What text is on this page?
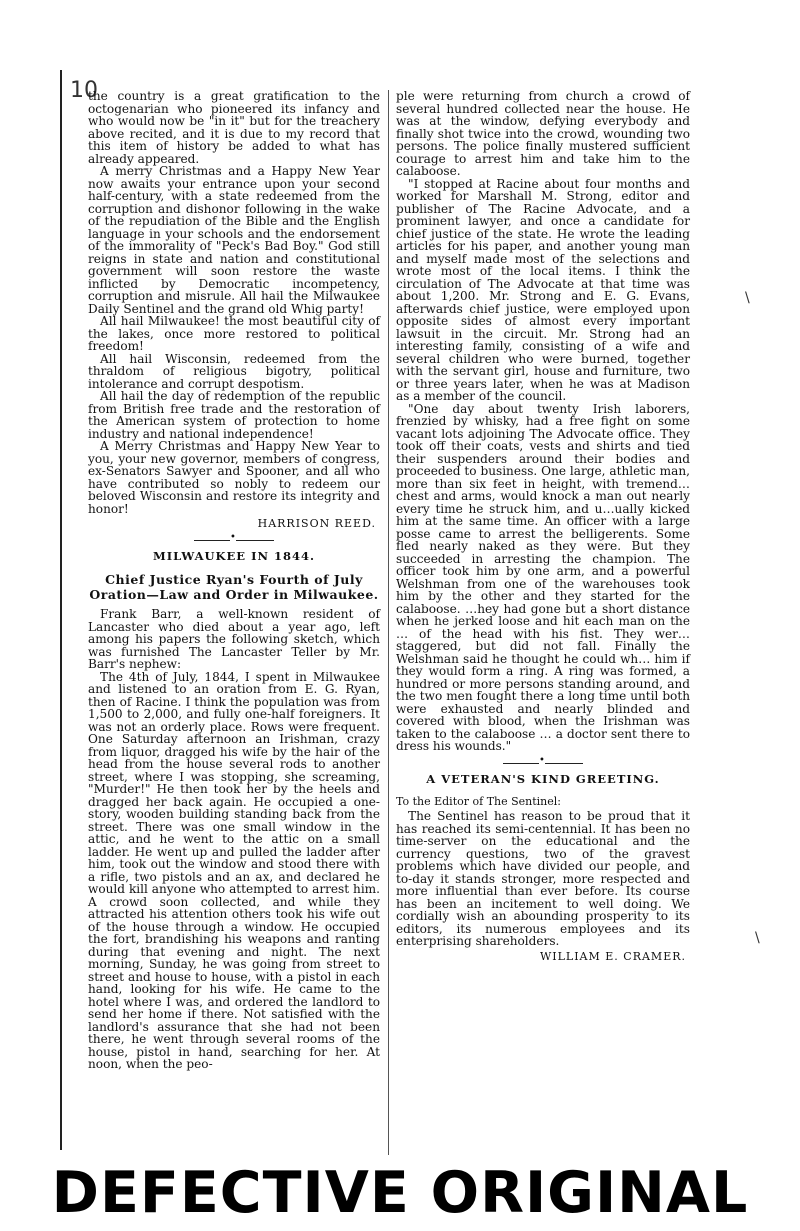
10
\
\

the country is a great gratification to the octogenarian who pioneered its infancy and who would now be "in it" but for the treachery above recited, and it is due to my record that this item of history be added to what has already appeared.

A merry Christmas and a Happy New Year now awaits your entrance upon your second half-century, with a state redeemed from the corruption and dishonor following in the wake of the repudiation of the Bible and the English language in your schools and the endorsement of the immorality of "Peck's Bad Boy." God still reigns in state and nation and constitutional government will soon restore the waste inflicted by Democratic incompetency, corruption and misrule. All hail the Milwaukee Daily Sentinel and the grand old Whig party!

All hail Milwaukee! the most beautiful city of the lakes, once more restored to political freedom!

All hail Wisconsin, redeemed from the thraldom of religious bigotry, political intolerance and corrupt despotism.

All hail the day of redemption of the republic from British free trade and the restoration of the American system of protection to home industry and national independence!

A Merry Christmas and Happy New Year to you, your new governor, members of congress, ex-Senators Sawyer and Spooner, and all who have contributed so nobly to redeem our beloved Wisconsin and restore its integrity and honor!

HARRISON REED.
•
MILWAUKEE IN 1844.
Chief Justice Ryan's Fourth of July Oration—Law and Order in Milwaukee.

Frank Barr, a well-known resident of Lancaster who died about a year ago, left among his papers the following sketch, which was furnished The Lancaster Teller by Mr. Barr's nephew:

The 4th of July, 1844, I spent in Milwaukee and listened to an oration from E. G. Ryan, then of Racine. I think the population was from 1,500 to 2,000, and fully one-half foreigners. It was not an orderly place. Rows were frequent. One Saturday afternoon an Irishman, crazy from liquor, dragged his wife by the hair of the head from the house several rods to another street, where I was stopping, she screaming, "Murder!" He then took her by the heels and dragged her back again. He occupied a one-story, wooden building standing back from the street. There was one small window in the attic, and he went to the attic on a small ladder. He went up and pulled the ladder after him, took out the window and stood there with a rifle, two pistols and an ax, and declared he would kill anyone who attempted to arrest him. A crowd soon collected, and while they attracted his attention others took his wife out of the house through a window. He occupied the fort, brandishing his weapons and ranting during that evening and night. The next morning, Sunday, he was going from street to street and house to house, with a pistol in each hand, looking for his wife. He came to the hotel where I was, and ordered the landlord to send her home if there. Not satisfied with the landlord's assurance that she had not been there, he went through several rooms of the house, pistol in hand, searching for her. At noon, when the peo-

ple were returning from church a crowd of several hundred collected near the house. He was at the window, defying everybody and finally shot twice into the crowd, wounding two persons. The police finally mustered sufficient courage to arrest him and take him to the calaboose.

"I stopped at Racine about four months and worked for Marshall M. Strong, editor and publisher of The Racine Advocate, and a prominent lawyer, and once a candidate for chief justice of the state. He wrote the leading articles for his paper, and another young man and myself made most of the selections and wrote most of the local items. I think the circulation of The Advocate at that time was about 1,200. Mr. Strong and E. G. Evans, afterwards chief justice, were employed upon opposite sides of almost every important lawsuit in the circuit. Mr. Strong had an interesting family, consisting of a wife and several children who were burned, together with the servant girl, house and furniture, two or three years later, when he was at Madison as a member of the council.

"One day about twenty Irish laborers, frenzied by whisky, had a free fight on some vacant lots adjoining The Advocate office. They took off their coats, vests and shirts and tied their suspenders around their bodies and proceeded to business. One large, athletic man, more than six feet in height, with tremend… chest and arms, would knock a man out nearly every time he struck him, and u…ually kicked him at the same time. An officer with a large posse came to arrest the belligerents. Some fled nearly naked as they were. But they succeeded in arresting the champion. The officer took him by one arm, and a powerful Welshman from one of the warehouses took him by the other and they started for the calaboose. …hey had gone but a short distance when he jerked loose and hit each man on the … of the head with his fist. They wer… staggered, but did not fall. Finally the Welshman said he thought he could wh… him if they would form a ring. A ring was formed, a hundred or more persons standing around, and the two men fought there a long time until both were exhausted and nearly blinded and covered with blood, when the Irishman was taken to the calaboose … a doctor sent there to dress his wounds."

•
A VETERAN'S KIND GREETING.

To the Editor of The Sentinel:

The Sentinel has reason to be proud that it has reached its semi-centennial. It has been no time-server on the educational and the currency questions, two of the gravest problems which have divided our people, and to-day it stands stronger, more respected and more influential than ever before. Its course has been an incitement to well doing. We cordially wish an abounding prosperity to its editors, its numerous employees and its enterprising shareholders.

WILLIAM E. CRAMER.
DEFECTIVE ORIGINAL
